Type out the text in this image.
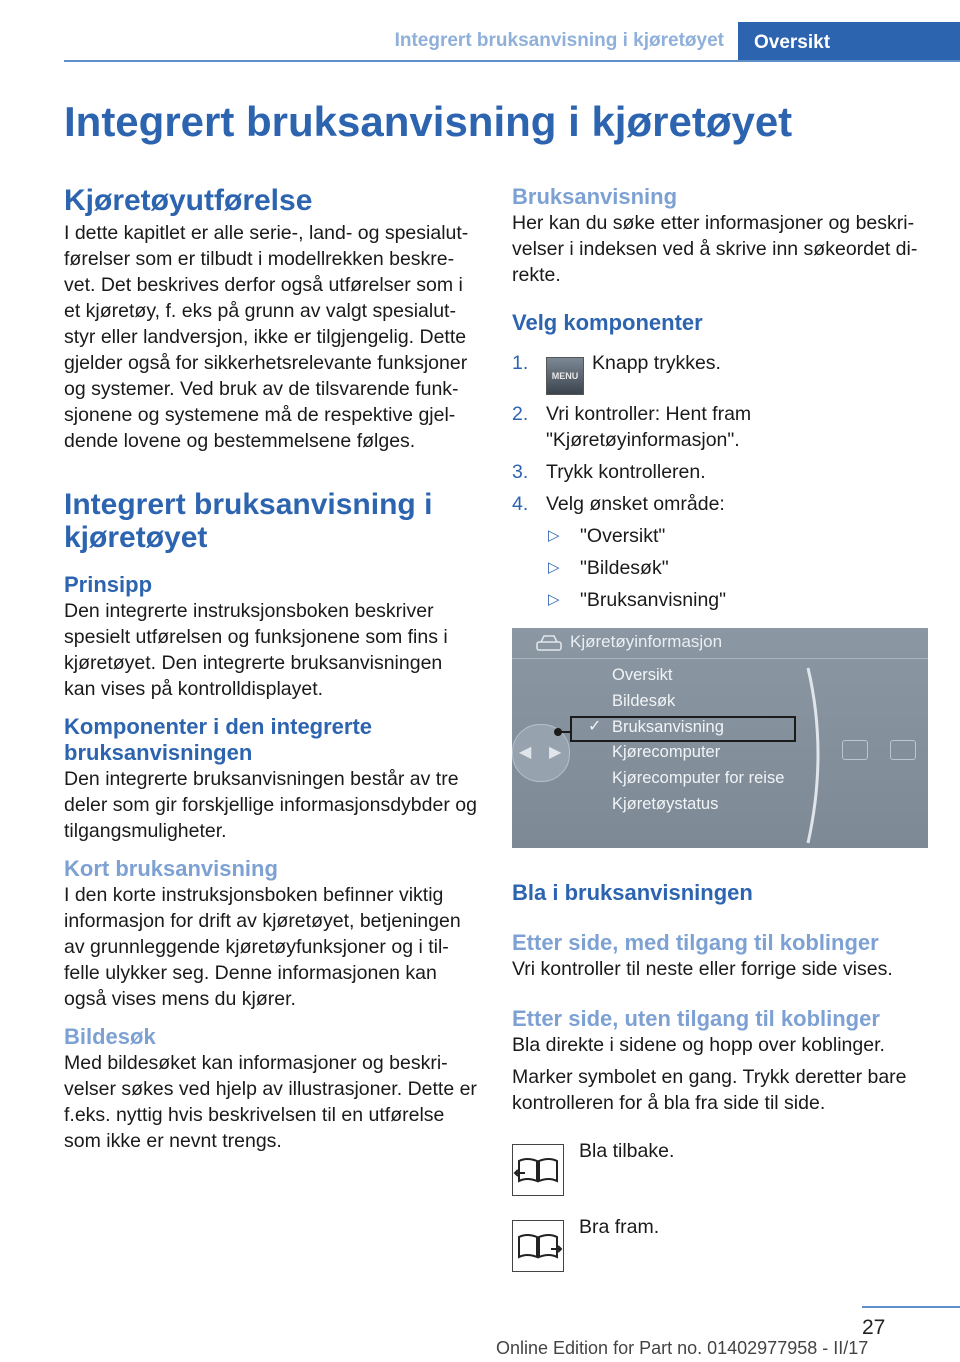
Integrert bruksanvisning i kjøretøyet	Oversikt
Integrert bruksanvisning i kjøretøyet
Kjøretøyutførelse

I dette kapitlet er alle serie-, land- og spesialut-førelser som er tilbudt i modellrekken beskre-vet. Det beskrives derfor også utførelser som i et kjøretøy, f. eks på grunn av valgt spesialut-styr eller landversjon, ikke er tilgjengelig. Dette gjelder også for sikkerhetsrelevante funksjoner og systemer. Ved bruk av de tilsvarende funk-sjonene og systemene må de respektive gjel-dende lovene og bestemmelsene følges.

Integrert bruksanvisning i kjøretøyet
Prinsipp

Den integrerte instruksjonsboken beskriver spesielt utførelsen og funksjonene som fins i kjøretøyet. Den integrerte bruksanvisningen kan vises på kontrolldisplayet.

Komponenter i den integrerte bruksanvisningen

Den integrerte bruksanvisningen består av tre deler som gir forskjellige informasjonsdybder og tilgangsmuligheter.

Kort bruksanvisning

I den korte instruksjonsboken befinner viktig informasjon for drift av kjøretøyet, betjeningen av grunnleggende kjøretøyfunksjoner og i til-felle ulykker seg. Denne informasjonen kan også vises mens du kjører.

Bildesøk

Med bildesøket kan informasjoner og beskri-velser søkes ved hjelp av illustrasjoner. Dette er f.eks. nyttig hvis beskrivelsen til en utførelse som ikke er nevnt trengs.

Bruksanvisning

Her kan du søke etter informasjoner og beskri-velser i indeksen ved å skrive inn søkeordet di-rekte.

Velg komponenter
1.
MENUKnapp trykkes.
2. Vri kontroller: Hent fram "Kjøretøyinformasjon".
3. Trykk kontrolleren.
4. Velg ønsket område:
▷ "Oversikt"
▷ "Bildesøk"
▷ "Bruksanvisning"
Kjøretøyinformasjon
◀ ▶
✓
Oversikt
Bildesøk
Bruksanvisning
Kjørecomputer
Kjørecomputer for reise
Kjøretøystatus
Bla i bruksanvisningen
Etter side, med tilgang til koblinger

Vri kontroller til neste eller forrige side vises.

Etter side, uten tilgang til koblinger

Bla direkte i sidene og hopp over koblinger.

Marker symbolet en gang. Trykk deretter bare kontrolleren for å bla fra side til side.

Bla tilbake.
Bra fram.
27
Online Edition for Part no. 01402977958 - II/17
